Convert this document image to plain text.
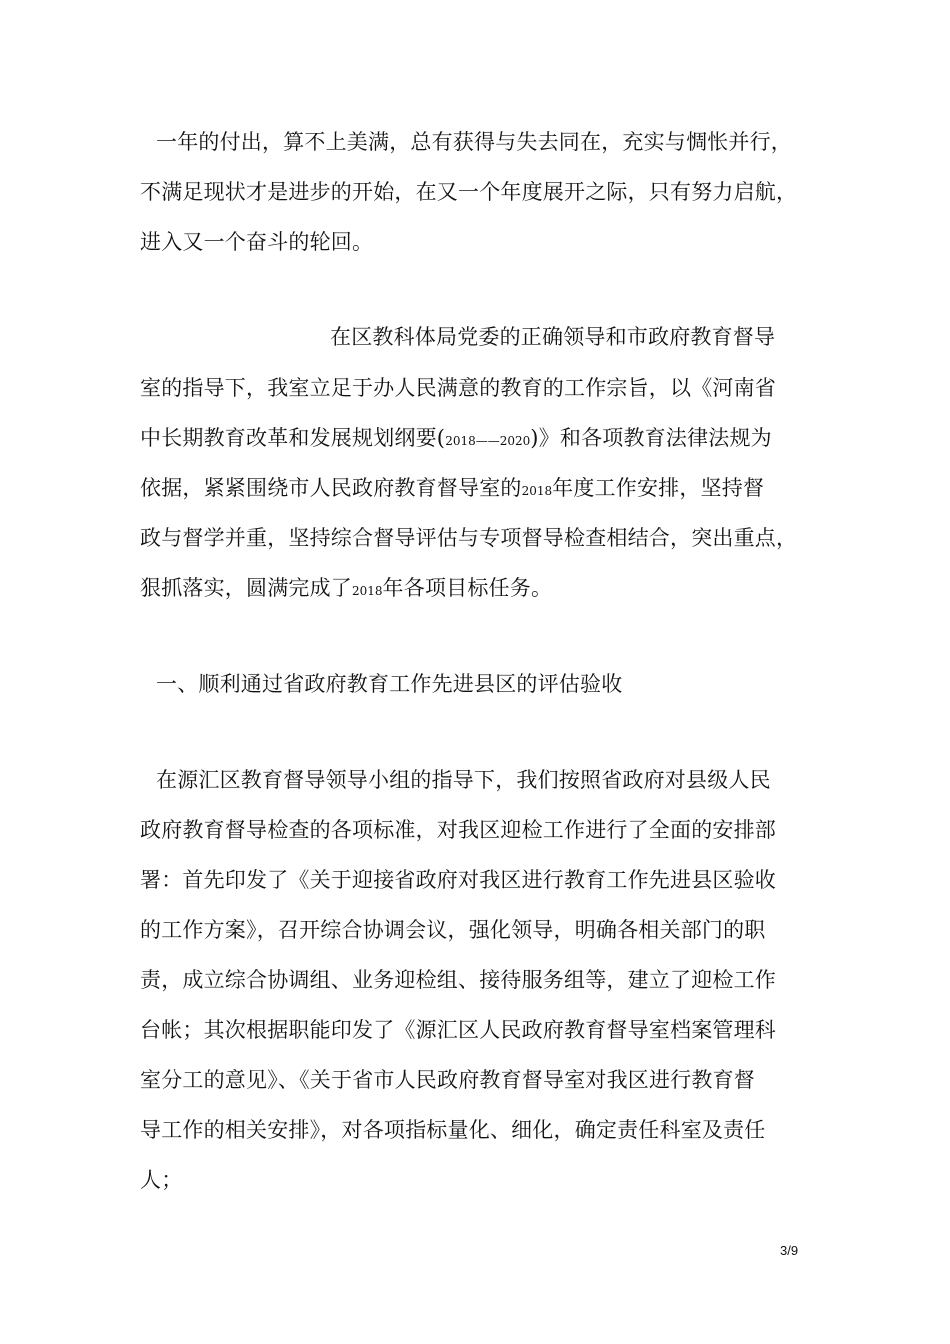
一年的付出，算不上美满，总有获得与失去同在，充实与惆怅并行，
不满足现状才是进步的开始，在又一个年度展开之际，只有努力启航，
进入又一个奋斗的轮回。
在区教科体局党委的正确领导和市政府教育督导
室的指导下，我室立足于办人民满意的教育的工作宗旨，以《河南省
中长期教育改革和发展规划纲要(2018——2020)》和各项教育法律法规为
依据，紧紧围绕市人民政府教育督导室的2018年度工作安排，坚持督
政与督学并重，坚持综合督导评估与专项督导检查相结合，突出重点，
狠抓落实，圆满完成了2018年各项目标任务。
一、顺利通过省政府教育工作先进县区的评估验收
在源汇区教育督导领导小组的指导下，我们按照省政府对县级人民
政府教育督导检查的各项标准，对我区迎检工作进行了全面的安排部
署：首先印发了《关于迎接省政府对我区进行教育工作先进县区验收
的工作方案》，召开综合协调会议，强化领导，明确各相关部门的职
责，成立综合协调组、业务迎检组、接待服务组等，建立了迎检工作
台帐；其次根据职能印发了《源汇区人民政府教育督导室档案管理科
室分工的意见》、《关于省市人民政府教育督导室对我区进行教育督
导工作的相关安排》，对各项指标量化、细化，确定责任科室及责任
人；
3/9
